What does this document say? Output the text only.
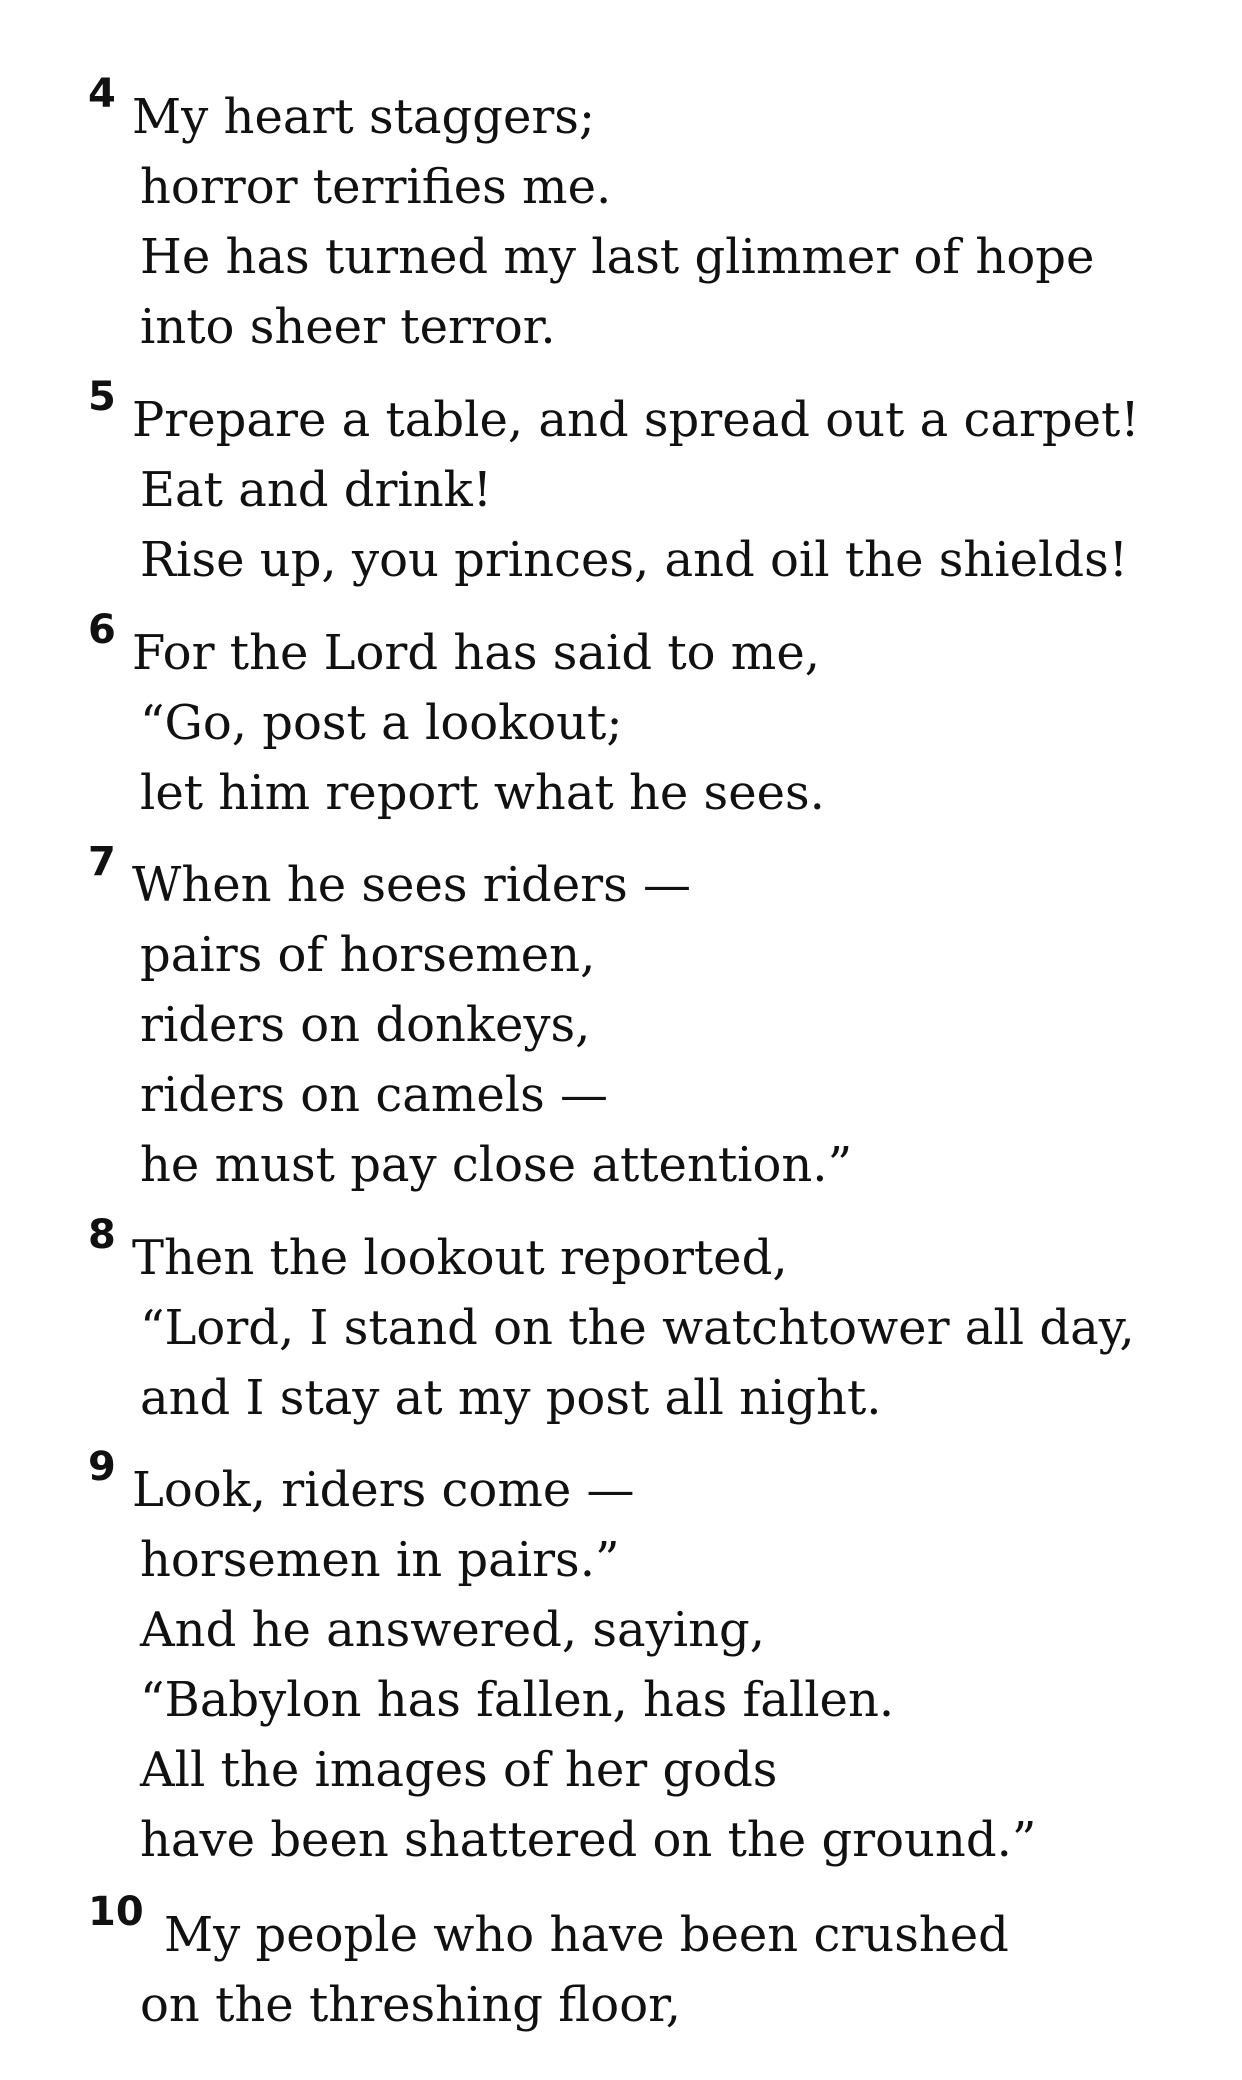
4 My heart staggers;
horror terrifies me.
He has turned my last glimmer of hope
into sheer terror.
5 Prepare a table, and spread out a carpet!
Eat and drink!
Rise up, you princes, and oil the shields!
6 For the Lord has said to me,
“Go, post a lookout;
let him report what he sees.
7 When he sees riders —
pairs of horsemen,
riders on donkeys,
riders on camels —
he must pay close attention.”
8 Then the lookout reported,
“Lord, I stand on the watchtower all day,
and I stay at my post all night.
9 Look, riders come —
horsemen in pairs.”
And he answered, saying,
“Babylon has fallen, has fallen.
All the images of her gods
have been shattered on the ground.”
10 My people who have been crushed
on the threshing floor,
